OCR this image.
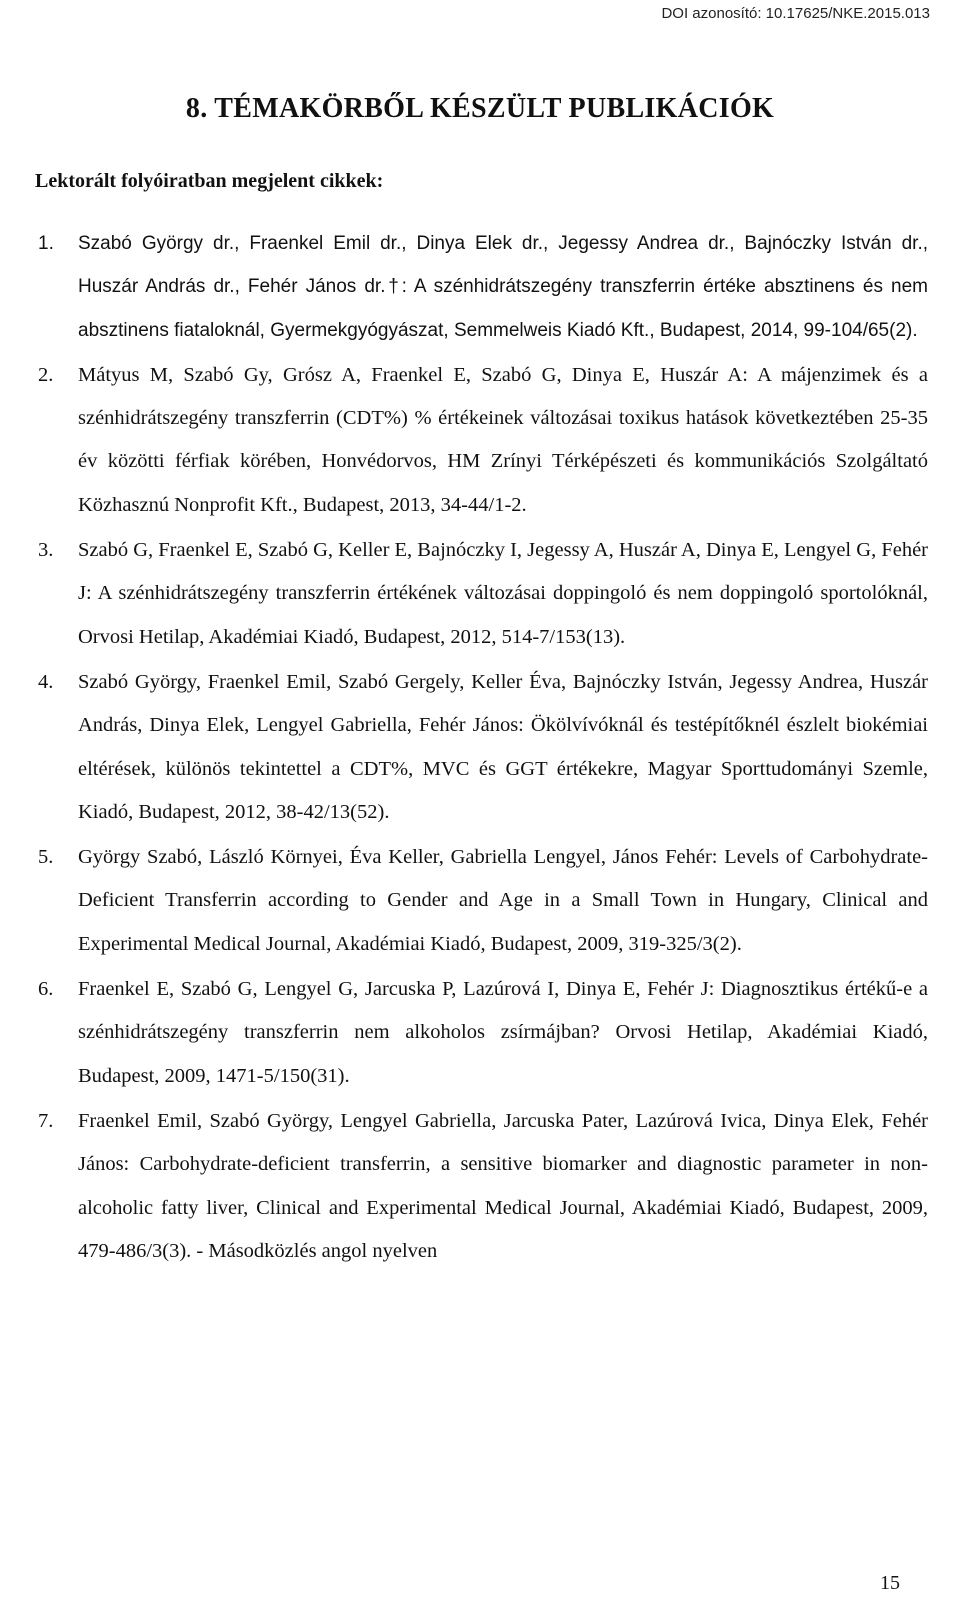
DOI azonosító: 10.17625/NKE.2015.013
8. TÉMAKÖRBŐL KÉSZÜLT PUBLIKÁCIÓK
Lektorált folyóiratban megjelent cikkek:
1. Szabó György dr., Fraenkel Emil dr., Dinya Elek dr., Jegessy Andrea dr., Bajnóczky István dr., Huszár András dr., Fehér János dr.†: A szénhidrátszegény transzferrin értéke absztinens és nem absztinens fiataloknál, Gyermekgyógyászat, Semmelweis Kiadó Kft., Budapest, 2014, 99-104/65(2).
2. Mátyus M, Szabó Gy, Grósz A, Fraenkel E, Szabó G, Dinya E, Huszár A: A májenzimek és a szénhidrátszegény transzferrin (CDT%) % értékeinek változásai toxikus hatások következtében 25-35 év közötti férfiak körében, Honvédorvos, HM Zrínyi Térképészeti és kommunikációs Szolgáltató Közhasznú Nonprofit Kft., Budapest, 2013, 34-44/1-2.
3. Szabó G, Fraenkel E, Szabó G, Keller E, Bajnóczky I, Jegessy A, Huszár A, Dinya E, Lengyel G, Fehér J: A szénhidrátszegény transzferrin értékének változásai doppingoló és nem doppingoló sportolóknál, Orvosi Hetilap, Akadémiai Kiadó, Budapest, 2012, 514-7/153(13).
4. Szabó György, Fraenkel Emil, Szabó Gergely, Keller Éva, Bajnóczky István, Jegessy Andrea, Huszár András, Dinya Elek, Lengyel Gabriella, Fehér János: Ökölvívóknál és testépítőknél észlelt biokémiai eltérések, különös tekintettel a CDT%, MVC és GGT értékekre, Magyar Sporttudományi Szemle, Kiadó, Budapest, 2012, 38-42/13(52).
5. György Szabó, László Környei, Éva Keller, Gabriella Lengyel, János Fehér: Levels of Carbohydrate-Deficient Transferrin according to Gender and Age in a Small Town in Hungary, Clinical and Experimental Medical Journal, Akadémiai Kiadó, Budapest, 2009, 319-325/3(2).
6. Fraenkel E, Szabó G, Lengyel G, Jarcuska P, Lazúrová I, Dinya E, Fehér J: Diagnosztikus értékű-e a szénhidrátszegény transzferrin nem alkoholos zsírmájban? Orvosi Hetilap, Akadémiai Kiadó, Budapest, 2009, 1471-5/150(31).
7. Fraenkel Emil, Szabó György, Lengyel Gabriella, Jarcuska Pater, Lazúrová Ivica, Dinya Elek, Fehér János: Carbohydrate-deficient transferrin, a sensitive biomarker and diagnostic parameter in non-alcoholic fatty liver, Clinical and Experimental Medical Journal, Akadémiai Kiadó, Budapest, 2009, 479-486/3(3). - Másodközlés angol nyelven
15
